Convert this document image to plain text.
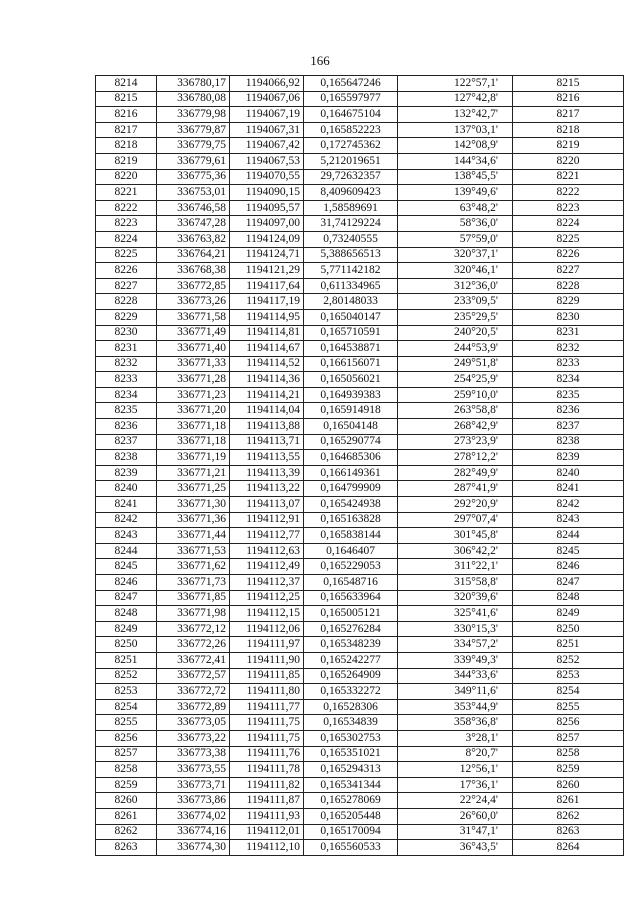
166
8214	336780,17	1194066,92	0,165647246	122°57,1'	8215
8215	336780,08	1194067,06	0,165597977	127°42,8'	8216
8216	336779,98	1194067,19	0,164675104	132°42,7'	8217
8217	336779,87	1194067,31	0,165852223	137°03,1'	8218
8218	336779,75	1194067,42	0,172745362	142°08,9'	8219
8219	336779,61	1194067,53	5,212019651	144°34,6'	8220
8220	336775,36	1194070,55	29,72632357	138°45,5'	8221
8221	336753,01	1194090,15	8,409609423	139°49,6'	8222
8222	336746,58	1194095,57	1,58589691	63°48,2'	8223
8223	336747,28	1194097,00	31,74129224	58°36,0'	8224
8224	336763,82	1194124,09	0,73240555	57°59,0'	8225
8225	336764,21	1194124,71	5,388656513	320°37,1'	8226
8226	336768,38	1194121,29	5,771142182	320°46,1'	8227
8227	336772,85	1194117,64	0,611334965	312°36,0'	8228
8228	336773,26	1194117,19	2,80148033	233°09,5'	8229
8229	336771,58	1194114,95	0,165040147	235°29,5'	8230
8230	336771,49	1194114,81	0,165710591	240°20,5'	8231
8231	336771,40	1194114,67	0,164538871	244°53,9'	8232
8232	336771,33	1194114,52	0,166156071	249°51,8'	8233
8233	336771,28	1194114,36	0,165056021	254°25,9'	8234
8234	336771,23	1194114,21	0,164939383	259°10,0'	8235
8235	336771,20	1194114,04	0,165914918	263°58,8'	8236
8236	336771,18	1194113,88	0,16504148	268°42,9'	8237
8237	336771,18	1194113,71	0,165290774	273°23,9'	8238
8238	336771,19	1194113,55	0,164685306	278°12,2'	8239
8239	336771,21	1194113,39	0,166149361	282°49,9'	8240
8240	336771,25	1194113,22	0,164799909	287°41,9'	8241
8241	336771,30	1194113,07	0,165424938	292°20,9'	8242
8242	336771,36	1194112,91	0,165163828	297°07,4'	8243
8243	336771,44	1194112,77	0,165838144	301°45,8'	8244
8244	336771,53	1194112,63	0,1646407	306°42,2'	8245
8245	336771,62	1194112,49	0,165229053	311°22,1'	8246
8246	336771,73	1194112,37	0,16548716	315°58,8'	8247
8247	336771,85	1194112,25	0,165633964	320°39,6'	8248
8248	336771,98	1194112,15	0,165005121	325°41,6'	8249
8249	336772,12	1194112,06	0,165276284	330°15,3'	8250
8250	336772,26	1194111,97	0,165348239	334°57,2'	8251
8251	336772,41	1194111,90	0,165242277	339°49,3'	8252
8252	336772,57	1194111,85	0,165264909	344°33,6'	8253
8253	336772,72	1194111,80	0,165332272	349°11,6'	8254
8254	336772,89	1194111,77	0,16528306	353°44,9'	8255
8255	336773,05	1194111,75	0,16534839	358°36,8'	8256
8256	336773,22	1194111,75	0,165302753	3°28,1'	8257
8257	336773,38	1194111,76	0,165351021	8°20,7'	8258
8258	336773,55	1194111,78	0,165294313	12°56,1'	8259
8259	336773,71	1194111,82	0,165341344	17°36,1'	8260
8260	336773,86	1194111,87	0,165278069	22°24,4'	8261
8261	336774,02	1194111,93	0,165205448	26°60,0'	8262
8262	336774,16	1194112,01	0,165170094	31°47,1'	8263
8263	336774,30	1194112,10	0,165560533	36°43,5'	8264
